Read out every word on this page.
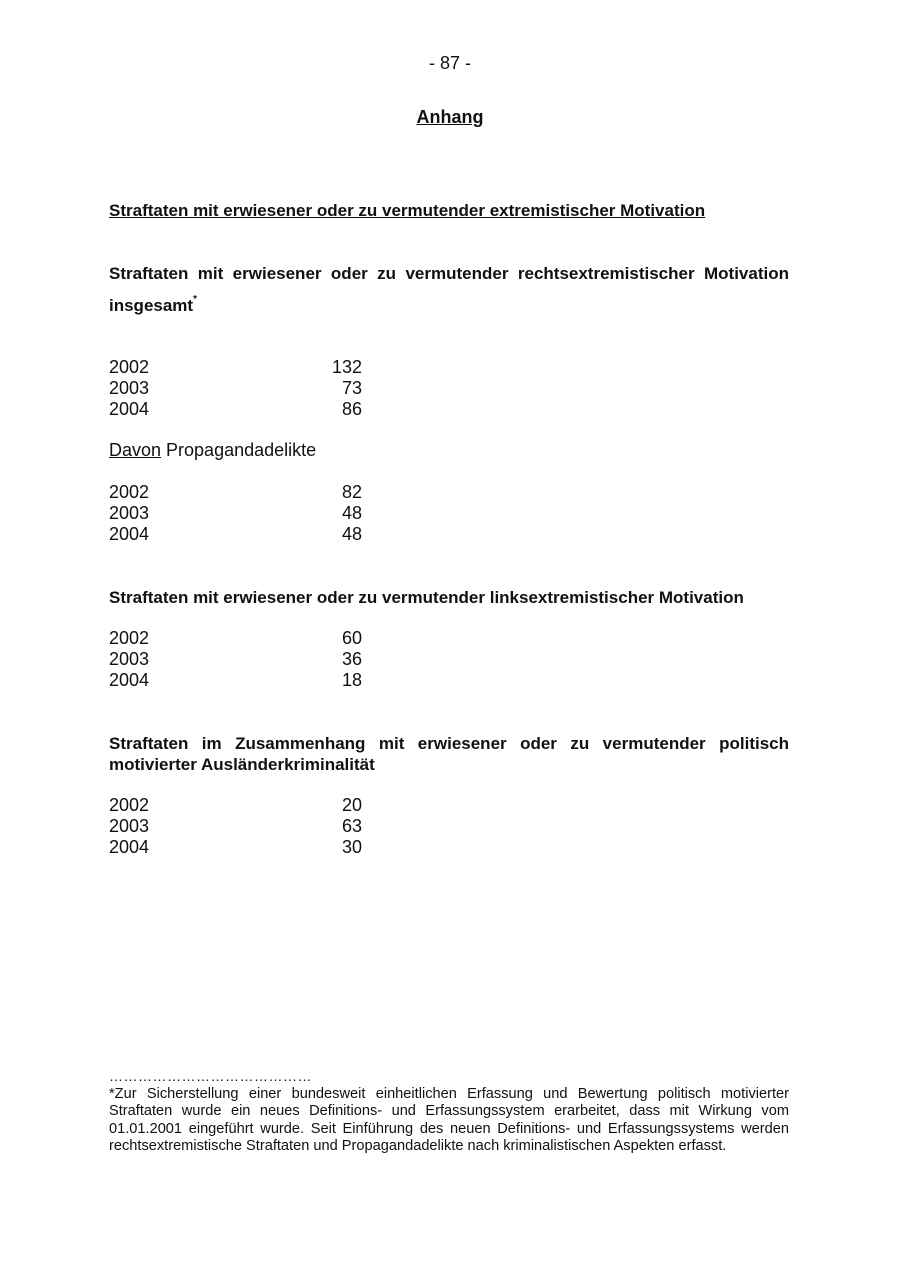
- 87 -
Anhang
Straftaten mit erwiesener oder zu vermutender extremistischer Motivation
Straftaten mit erwiesener oder zu vermutender rechtsextremistischer Motivation insgesamt*
2002	132
2003	73
2004	86
Davon Propagandadelikte
2002	82
2003	48
2004	48
Straftaten mit erwiesener oder zu vermutender linksextremistischer Motivation
2002	60
2003	36
2004	18
Straftaten im Zusammenhang mit erwiesener oder zu vermutender politisch motivierter Ausländerkriminalität
2002	20
2003	63
2004	30
……………………………………
*Zur Sicherstellung einer bundesweit einheitlichen Erfassung und Bewertung politisch motivierter Straftaten wurde ein neues Definitions- und Erfassungssystem erarbeitet, dass mit Wirkung vom 01.01.2001 eingeführt wurde. Seit Einführung des neuen Definitions- und Erfassungssystems werden rechtsextremistische Straftaten und Propagandadelikte nach kriminalistischen Aspekten erfasst.
